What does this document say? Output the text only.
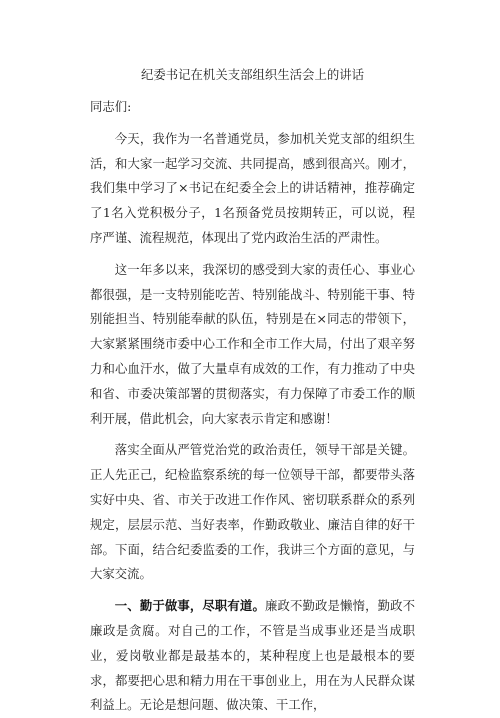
纪委书记在机关支部组织生活会上的讲话

同志们:

今天，我作为一名普通党员，参加机关党支部的组织生活，和大家一起学习交流、共同提高，感到很高兴。刚才，我们集中学习了×书记在纪委全会上的讲话精神，推荐确定了1名入党积极分子，1名预备党员按期转正，可以说，程序严谨、流程规范，体现出了党内政治生活的严肃性。

这一年多以来，我深切的感受到大家的责任心、事业心都很强，是一支特别能吃苦、特别能战斗、特别能干事、特别能担当、特别能奉献的队伍，特别是在×同志的带领下，大家紧紧围绕市委中心工作和全市工作大局，付出了艰辛努力和心血汗水，做了大量卓有成效的工作，有力推动了中央和省、市委决策部署的贯彻落实，有力保障了市委工作的顺利开展，借此机会，向大家表示肯定和感谢！

落实全面从严管党治党的政治责任，领导干部是关键。正人先正己，纪检监察系统的每一位领导干部，都要带头落实好中央、省、市关于改进工作作风、密切联系群众的系列规定，层层示范、当好表率，作勤政敬业、廉洁自律的好干部。下面，结合纪委监委的工作，我讲三个方面的意见，与大家交流。

一、勤于做事，尽职有道。廉政不勤政是懒惰，勤政不廉政是贪腐。对自己的工作，不管是当成事业还是当成职业，爱岗敬业都是最基本的，某种程度上也是最根本的要求，都要把心思和精力用在干事创业上，用在为人民群众谋利益上。无论是想问题、做决策、干工作，
